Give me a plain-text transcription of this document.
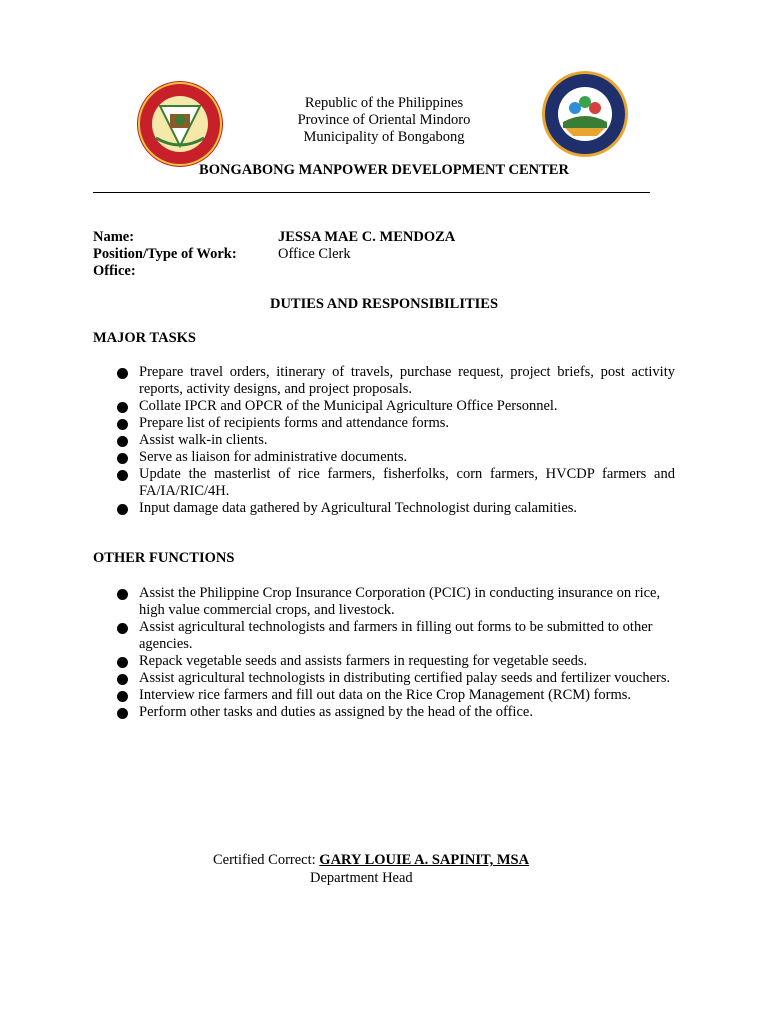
Republic of the Philippines
Province of Oriental Mindoro
Municipality of Bongabong
BONGABONG MANPOWER DEVELOPMENT CENTER
Name:	JESSA MAE C. MENDOZA
Position/Type of Work:	Office Clerk
Office:
DUTIES AND RESPONSIBILITIES
MAJOR TASKS
Prepare travel orders, itinerary of travels, purchase request, project briefs, post activity reports, activity designs, and project proposals.
Collate IPCR and OPCR of the Municipal Agriculture Office Personnel.
Prepare list of recipients forms and attendance forms.
Assist walk-in clients.
Serve as liaison for administrative documents.
Update the masterlist of rice farmers, fisherfolks, corn farmers, HVCDP farmers and FA/IA/RIC/4H.
Input damage data gathered by Agricultural Technologist during calamities.
OTHER FUNCTIONS
Assist the Philippine Crop Insurance Corporation (PCIC) in conducting insurance on rice, high value commercial crops, and livestock.
Assist agricultural technologists and farmers in filling out forms to be submitted to other agencies.
Repack vegetable seeds and assists farmers in requesting for vegetable seeds.
Assist agricultural technologists in distributing certified palay seeds and fertilizer vouchers.
Interview rice farmers and fill out data on the Rice Crop Management (RCM) forms.
Perform other tasks and duties as assigned by the head of the office.
Certified Correct: GARY LOUIE A. SAPINIT, MSA
Department Head
